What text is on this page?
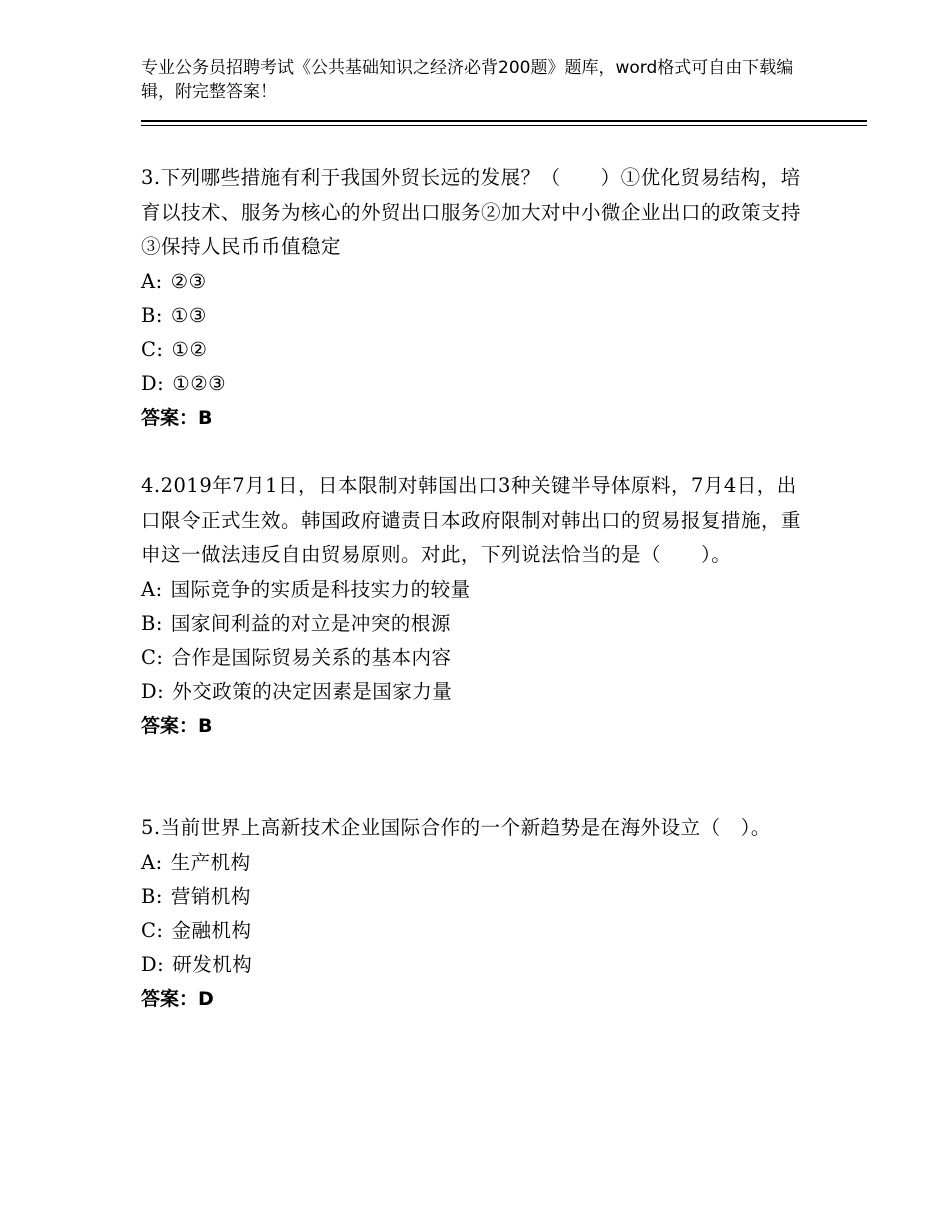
专业公务员招聘考试《公共基础知识之经济必背200题》题库，word格式可自由下载编辑，附完整答案！

3.下列哪些措施有利于我国外贸长远的发展？（　　）①优化贸易结构，培育以技术、服务为核心的外贸出口服务②加大对中小微企业出口的政策支持③保持人民币币值稳定

A: ②③

B: ①③

C: ①②

D: ①②③

答案：B

4.2019年7月1日，日本限制对韩国出口3种关键半导体原料，7月4日，出口限令正式生效。韩国政府谴责日本政府限制对韩出口的贸易报复措施，重申这一做法违反自由贸易原则。对此，下列说法恰当的是（　　）。

A: 国际竞争的实质是科技实力的较量

B: 国家间利益的对立是冲突的根源

C: 合作是国际贸易关系的基本内容

D: 外交政策的决定因素是国家力量

答案：B

5.当前世界上高新技术企业国际合作的一个新趋势是在海外设立（　）。

A: 生产机构

B: 营销机构

C: 金融机构

D: 研发机构

答案：D
